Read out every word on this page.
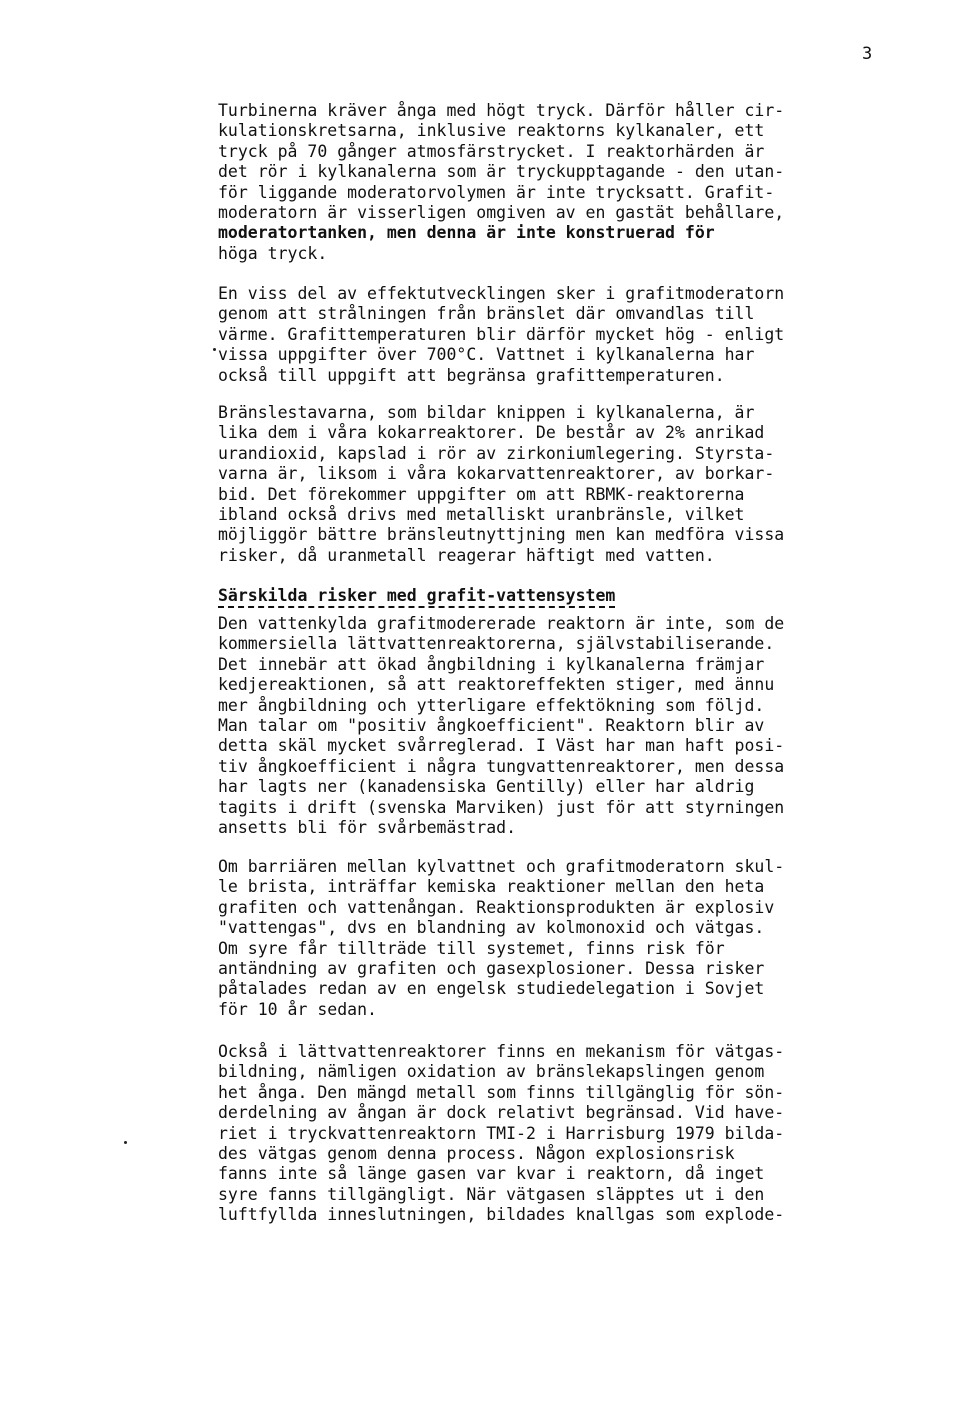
3
Turbinerna kräver ånga med högt tryck. Därför håller cir-
kulationskretsarna, inklusive reaktorns kylkanaler, ett
tryck på 70 gånger atmosfärstrycket. I reaktorhärden är
det rör i kylkanalerna som är tryckupptagande - den utan-
för liggande moderatorvolymen är inte trycksatt. Grafit-
moderatorn är visserligen omgiven av en gastät behållare,
moderatortanken, men denna är inte konstruerad för
höga tryck.
En viss del av effektutvecklingen sker i grafitmoderatorn
genom att strålningen från bränslet där omvandlas till
värme. Grafittemperaturen blir därför mycket hög - enligt
vissa uppgifter över 700°C. Vattnet i kylkanalerna har
också till uppgift att begränsa grafittemperaturen.
Bränslestavarna, som bildar knippen i kylkanalerna, är
lika dem i våra kokarreaktorer. De består av 2% anrikad
urandioxid, kapslad i rör av zirkoniumlegering. Styrsta-
varna är, liksom i våra kokarvattenreaktorer, av borkar-
bid. Det förekommer uppgifter om att RBMK-reaktorerna
ibland också drivs med metalliskt uranbränsle, vilket
möjliggör bättre bränsleutnyttjning men kan medföra vissa
risker, då uranmetall reagerar häftigt med vatten.
Särskilda risker med grafit-vattensystem
Den vattenkylda grafitmodererade reaktorn är inte, som de
kommersiella lättvattenreaktorerna, självstabiliserande.
Det innebär att ökad ångbildning i kylkanalerna främjar
kedjereaktionen, så att reaktoreffekten stiger, med ännu
mer ångbildning och ytterligare effektökning som följd.
Man talar om "positiv ångkoefficient". Reaktorn blir av
detta skäl mycket svårreglerad. I Väst har man haft posi-
tiv ångkoefficient i några tungvattenreaktorer, men dessa
har lagts ner (kanadensiska Gentilly) eller har aldrig
tagits i drift (svenska Marviken) just för att styrningen
ansetts bli för svårbemästrad.
Om barriären mellan kylvattnet och grafitmoderatorn skul-
le brista, inträffar kemiska reaktioner mellan den heta
grafiten och vattenångan. Reaktionsprodukten är explosiv
"vattengas", dvs en blandning av kolmonoxid och vätgas.
Om syre får tillträde till systemet, finns risk för
antändning av grafiten och gasexplosioner. Dessa risker
påtalades redan av en engelsk studiedelegation i Sovjet
för 10 år sedan.
Också i lättvattenreaktorer finns en mekanism för vätgas-
bildning, nämligen oxidation av bränslekapslingen genom
het ånga. Den mängd metall som finns tillgänglig för sön-
derdelning av ångan är dock relativt begränsad. Vid have-
riet i tryckvattenreaktorn TMI-2 i Harrisburg 1979 bilda-
des vätgas genom denna process. Någon explosionsrisk
fanns inte så länge gasen var kvar i reaktorn, då inget
syre fanns tillgängligt. När vätgasen släpptes ut i den
luftfyllda inneslutningen, bildades knallgas som explode-
